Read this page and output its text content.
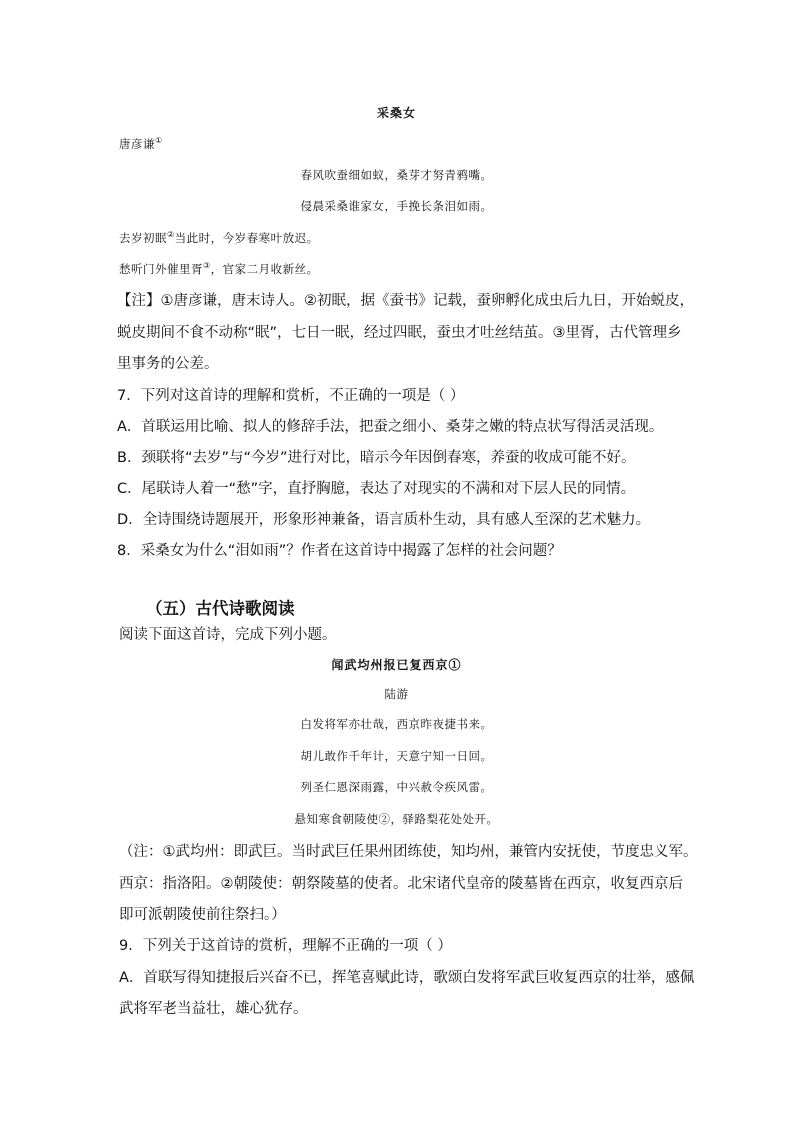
采桑女
唐彦谦①
春风吹蚕细如蚁，桑芽才努青鸦嘴。
侵晨采桑谁家女，手挽长条泪如雨。
去岁初眠②当此时，今岁春寒叶放迟。
愁听门外催里胥③，官家二月收新丝。
【注】①唐彦谦，唐末诗人。②初眠，据《蚕书》记载，蚕卵孵化成虫后九日，开始蜕皮，
蜕皮期间不食不动称“眠”，七日一眠，经过四眠，蚕虫才吐丝结茧。③里胥，古代管理乡
里事务的公差。
7．下列对这首诗的理解和赏析，不正确的一项是（ ）
A．首联运用比喻、拟人的修辞手法，把蚕之细小、桑芽之嫩的特点状写得活灵活现。
B．颈联将“去岁”与“今岁”进行对比，暗示今年因倒春寒，养蚕的收成可能不好。
C．尾联诗人着一“愁”字，直抒胸臆，表达了对现实的不满和对下层人民的同情。
D．全诗围绕诗题展开，形象形神兼备，语言质朴生动，具有感人至深的艺术魅力。
8．采桑女为什么“泪如雨”？作者在这首诗中揭露了怎样的社会问题？
（五）古代诗歌阅读
阅读下面这首诗，完成下列小题。
闻武均州报已复西京①
陆游
白发将军亦壮哉，西京昨夜捷书来。
胡儿敢作千年计，天意宁知一日回。
列圣仁恩深雨露，中兴赦令疾风雷。
悬知寒食朝陵使②，驿路梨花处处开。
（注：①武均州：即武巨。当时武巨任果州团练使，知均州，兼管内安抚使，节度忠义军。
西京：指洛阳。②朝陵使：朝祭陵墓的使者。北宋诸代皇帝的陵墓皆在西京，收复西京后
即可派朝陵使前往祭扫。）
9．下列关于这首诗的赏析，理解不正确的一项（ ）
A．首联写得知捷报后兴奋不已，挥笔喜赋此诗，歌颂白发将军武巨收复西京的壮举，感佩
武将军老当益壮，雄心犹存。
